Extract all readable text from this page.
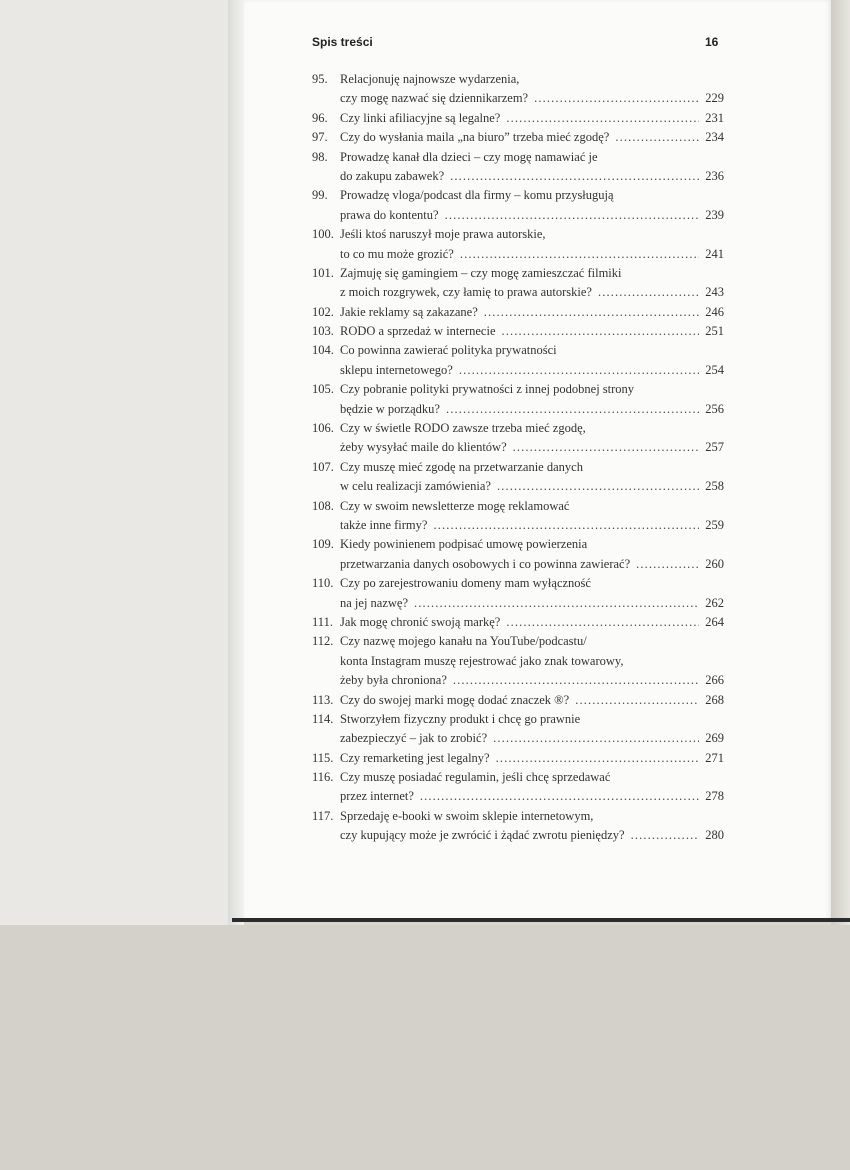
Spis treści	16
95. Relacjonuję najnowsze wydarzenia,
czy mogę nazwać się dziennikarzem? . . .	229
96. Czy linki afiliacyjne są legalne? . . .	231
97. Czy do wysłania maila „na biuro” trzeba mieć zgodę? . . .	234
98. Prowadzę kanał dla dzieci – czy mogę namawiać je
do zakupu zabawek? . . .	236
99. Prowadzę vloga/podcast dla firmy – komu przysługują
prawa do kontentu? . . .	239
100. Jeśli ktoś naruszył moje prawa autorskie,
to co mu może grozić? . . .	241
101. Zajmuję się gamingiem – czy mogę zamieszczać filmiki
z moich rozgrywek, czy łamię to prawa autorskie? . . .	243
102. Jakie reklamy są zakazane? . . .	246
103. RODO a sprzedaż w internecie . . .	251
104. Co powinna zawierać polityka prywatności
sklepu internetowego? . . .	254
105. Czy pobranie polityki prywatności z innej podobnej strony
będzie w porządku? . . .	256
106. Czy w świetle RODO zawsze trzeba mieć zgodę,
żeby wysyłać maile do klientów? . . .	257
107. Czy muszę mieć zgodę na przetwarzanie danych
w celu realizacji zamówienia? . . .	258
108. Czy w swoim newsletterze mogę reklamować
także inne firmy? . . .	259
109. Kiedy powinienem podpisać umowę powierzenia
przetwarzania danych osobowych i co powinna zawierać? . . .	260
110. Czy po zarejestrowaniu domeny mam wyłączność
na jej nazwę? . . .	262
111. Jak mogę chronić swoją markę? . . .	264
112. Czy nazwę mojego kanału na YouTube/podcastu/
konta Instagram muszę rejestrować jako znak towarowy,
żeby była chroniona? . . .	266
113. Czy do swojej marki mogę dodać znaczek ®? . . .	268
114. Stworzyłem fizyczny produkt i chcę go prawnie
zabezpieczyć – jak to zrobić? . . .	269
115. Czy remarketing jest legalny? . . .	271
116. Czy muszę posiadać regulamin, jeśli chcę sprzedawać
przez internet? . . .	278
117. Sprzedaję e-booki w swoim sklepie internetowym,
czy kupujący może je zwrócić i żądać zwrotu pieniędzy? . . .	280
